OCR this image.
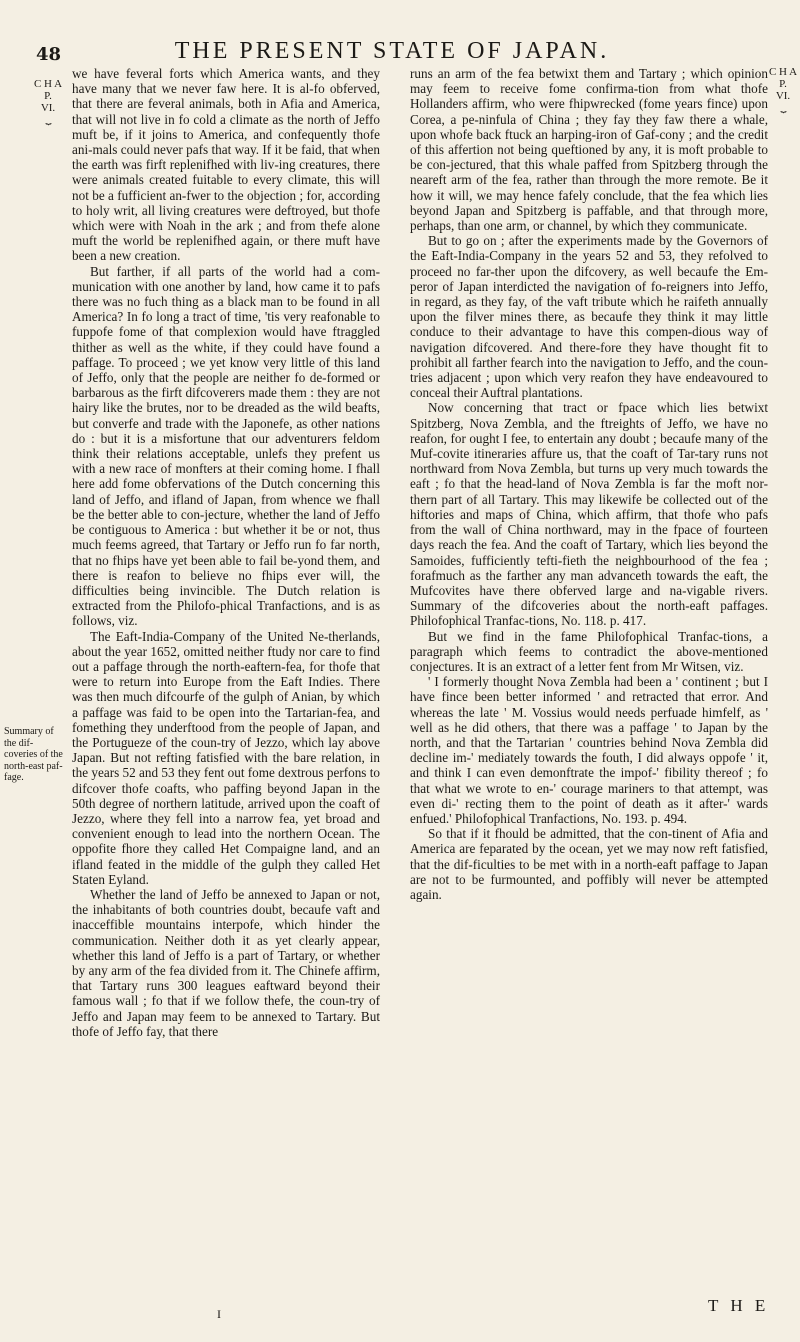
48	THE PRESENT STATE OF JAPAN.
C H A P.
VI.
⏟
C H A P.
VI.
⏟
Summary of the dif-coveries of the north-east paf-fage.

we have feveral forts which America wants, and they have many that we never faw here. It is al-fo obferved, that there are feveral animals, both in Afia and America, that will not live in fo cold a climate as the north of Jeffo muft be, if it joins to America, and confequently thofe ani-mals could never pafs that way. If it be faid, that when the earth was firft replenifhed with liv-ing creatures, there were animals created fuitable to every climate, this will not be a fufficient an-fwer to the objection ; for, according to holy writ, all living creatures were deftroyed, but thofe which were with Noah in the ark ; and from thefe alone muft the world be replenifhed again, or there muft have been a new creation.

But farther, if all parts of the world had a com-munication with one another by land, how came it to pafs there was no fuch thing as a black man to be found in all America? In fo long a tract of time, 'tis very reafonable to fuppofe fome of that complexion would have ftraggled thither as well as the white, if they could have found a paffage. To proceed ; we yet know very little of this land of Jeffo, only that the people are neither fo de-formed or barbarous as the firft difcoverers made them : they are not hairy like the brutes, nor to be dreaded as the wild beafts, but converfe and trade with the Japonefe, as other nations do : but it is a misfortune that our adventurers feldom think their relations acceptable, unlefs they prefent us with a new race of monfters at their coming home. I fhall here add fome obfervations of the Dutch concerning this land of Jeffo, and ifland of Japan, from whence we fhall be the better able to con-jecture, whether the land of Jeffo be contiguous to America : but whether it be or not, thus much feems agreed, that Tartary or Jeffo run fo far north, that no fhips have yet been able to fail be-yond them, and there is reafon to believe no fhips ever will, the difficulties being invincible. The Dutch relation is extracted from the Philofo-phical Tranfactions, and is as follows, viz.

The Eaft-India-Company of the United Ne-therlands, about the year 1652, omitted neither ftudy nor care to find out a paffage through the north-eaftern-fea, for thofe that were to return into Europe from the Eaft Indies. There was then much difcourfe of the gulph of Anian, by which a paffage was faid to be open into the Tartarian-fea, and fomething they underftood from the people of Japan, and the Portugueze of the coun-try of Jezzo, which lay above Japan. But not refting fatisfied with the bare relation, in the years 52 and 53 they fent out fome dextrous perfons to difcover thofe coafts, who paffing beyond Japan in the 50th degree of northern latitude, arrived upon the coaft of Jezzo, where they fell into a narrow fea, yet broad and convenient enough to lead into the northern Ocean. The oppofite fhore they called Het Compaigne land, and an ifland feated in the middle of the gulph they called Het Staten Eyland.

Whether the land of Jeffo be annexed to Japan or not, the inhabitants of both countries doubt, becaufe vaft and inacceffible mountains interpofe, which hinder the communication. Neither doth it as yet clearly appear, whether this land of Jeffo is a part of Tartary, or whether by any arm of the fea divided from it. The Chinefe affirm, that Tartary runs 300 leagues eaftward beyond their famous wall ; fo that if we follow thefe, the coun-try of Jeffo and Japan may feem to be annexed to Tartary. But thofe of Jeffo fay, that there

runs an arm of the fea betwixt them and Tartary ; which opinion may feem to receive fome confirma-tion from what thofe Hollanders affirm, who were fhipwrecked (fome years fince) upon Corea, a pe-ninfula of China ; they fay they faw there a whale, upon whofe back ftuck an harping-iron of Gaf-cony ; and the credit of this affertion not being queftioned by any, it is moft probable to be con-jectured, that this whale paffed from Spitzberg through the neareft arm of the fea, rather than through the more remote. Be it how it will, we may hence fafely conclude, that the fea which lies beyond Japan and Spitzberg is paffable, and that through more, perhaps, than one arm, or channel, by which they communicate.

But to go on ; after the experiments made by the Governors of the Eaft-India-Company in the years 52 and 53, they refolved to proceed no far-ther upon the difcovery, as well becaufe the Em-peror of Japan interdicted the navigation of fo-reigners into Jeffo, in regard, as they fay, of the vaft tribute which he raifeth annually upon the filver mines there, as becaufe they think it may little conduce to their advantage to have this compen-dious way of navigation difcovered. And there-fore they have thought fit to prohibit all farther fearch into the navigation to Jeffo, and the coun-tries adjacent ; upon which very reafon they have endeavoured to conceal their Auftral plantations.

Now concerning that tract or fpace which lies betwixt Spitzberg, Nova Zembla, and the ftreights of Jeffo, we have no reafon, for ought I fee, to entertain any doubt ; becaufe many of the Muf-covite itineraries affure us, that the coaft of Tar-tary runs not northward from Nova Zembla, but turns up very much towards the eaft ; fo that the head-land of Nova Zembla is far the moft nor-thern part of all Tartary. This may likewife be collected out of the hiftories and maps of China, which affirm, that thofe who pafs from the wall of China northward, may in the fpace of fourteen days reach the fea. And the coaft of Tartary, which lies beyond the Samoides, fufficiently tefti-fieth the neighbourhood of the fea ; forafmuch as the farther any man advanceth towards the eaft, the Mufcovites have there obferved large and na-vigable rivers. Summary of the difcoveries about the north-eaft paffages. Philofophical Tranfac-tions, No. 118. p. 417.

But we find in the fame Philofophical Tranfac-tions, a paragraph which feems to contradict the above-mentioned conjectures. It is an extract of a letter fent from Mr Witsen, viz.

' I formerly thought Nova Zembla had been a ' continent ; but I have fince been better informed ' and retracted that error. And whereas the late ' M. Vossius would needs perfuade himfelf, as ' well as he did others, that there was a paffage ' to Japan by the north, and that the Tartarian ' countries behind Nova Zembla did decline im-' mediately towards the fouth, I did always oppofe ' it, and think I can even demonftrate the impof-' fibility thereof ; fo that what we wrote to en-' courage mariners to that attempt, was even di-' recting them to the point of death as it after-' wards enfued.' Philofophical Tranfactions, No. 193. p. 494.

So that if it fhould be admitted, that the con-tinent of Afia and America are feparated by the ocean, yet we may now reft fatisfied, that the dif-ficulties to be met with in a north-eaft paffage to Japan are not to be furmounted, and poffibly will never be attempted again.

I	T H E
